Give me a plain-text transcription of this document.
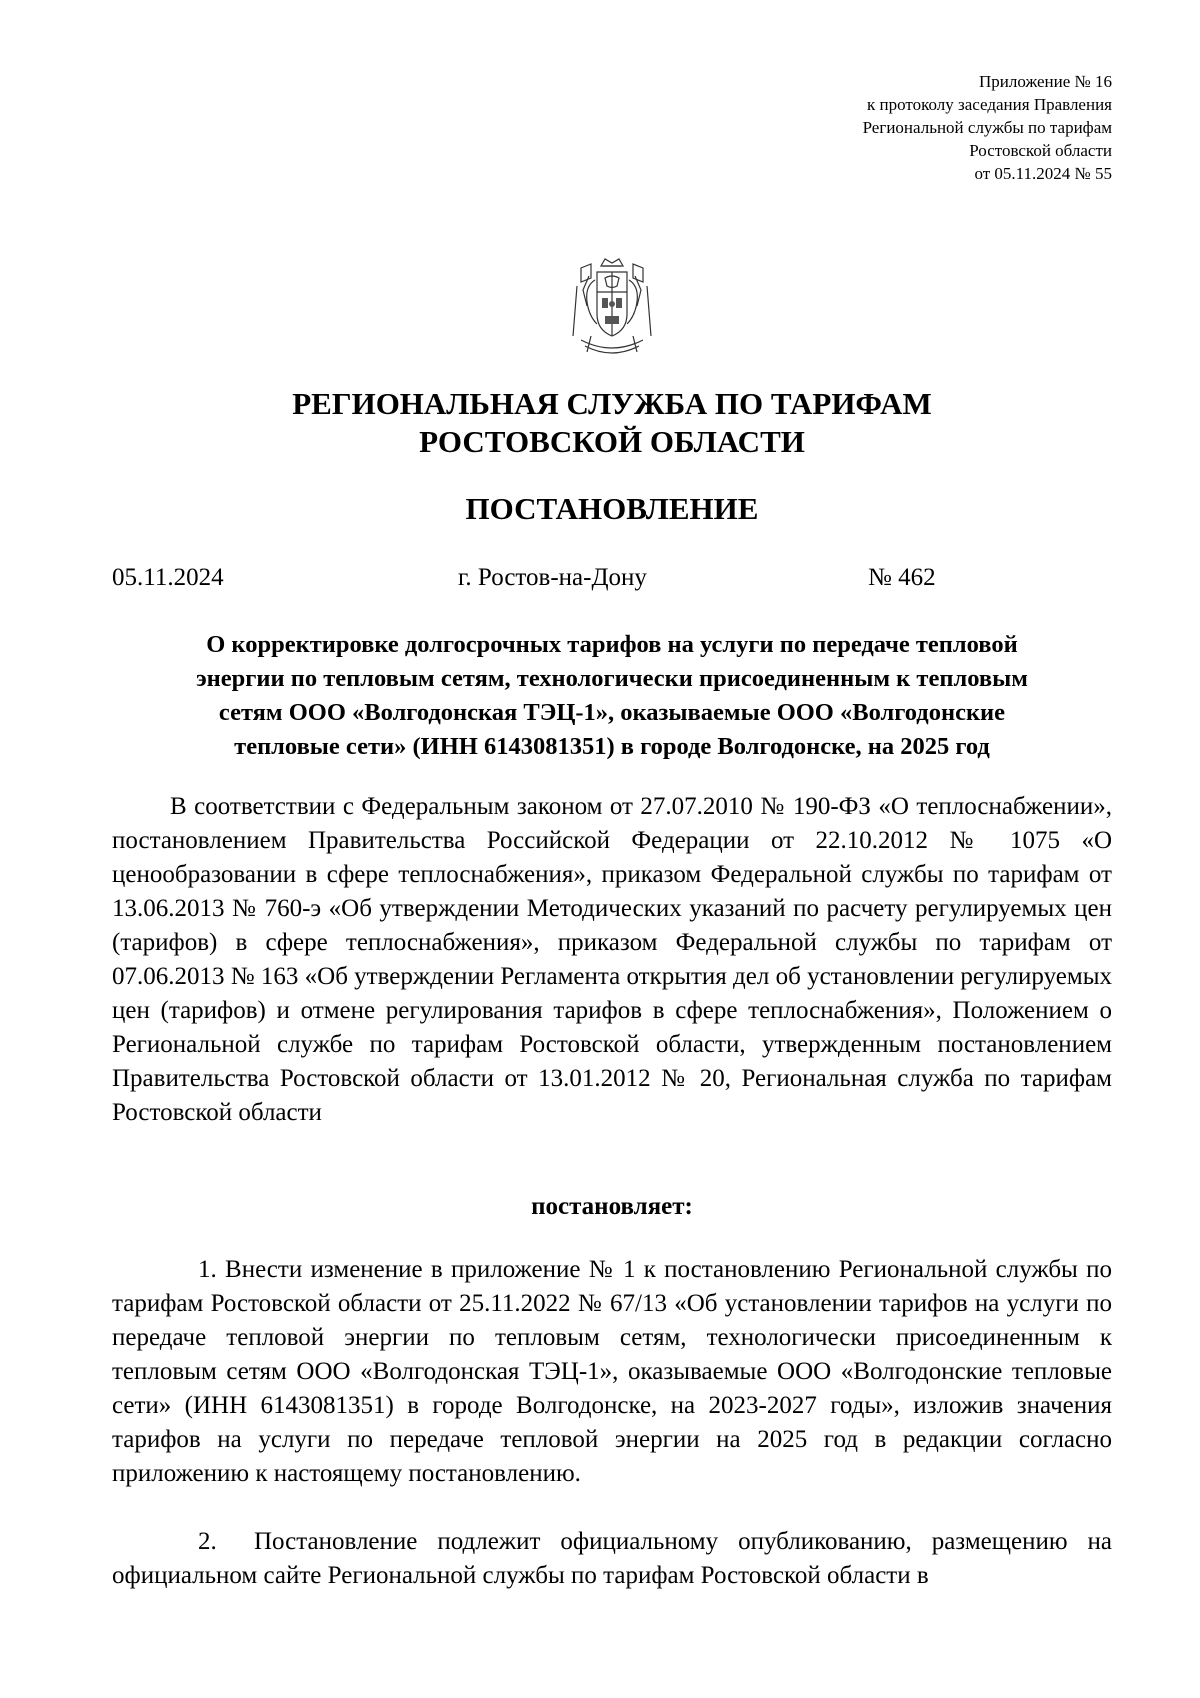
Приложение № 16
к протоколу заседания Правления
Региональной службы по тарифам
Ростовской области
от 05.11.2024 № 55
РЕГИОНАЛЬНАЯ СЛУЖБА ПО ТАРИФАМ
РОСТОВСКОЙ ОБЛАСТИ
ПОСТАНОВЛЕНИЕ
05.11.2024	г. Ростов-на-Дону	№ 462

О корректировке долгосрочных тарифов на услуги по передаче тепловой
энергии по тепловым сетям, технологически присоединенным к тепловым
сетям ООО «Волгодонская ТЭЦ-1», оказываемые ООО «Волгодонские
тепловые сети» (ИНН 6143081351) в городе Волгодонске, на 2025 год

В соответствии с Федеральным законом от 27.07.2010 № 190-ФЗ «О теплоснабжении», постановлением Правительства Российской Федерации от 22.10.2012 № 1075 «О ценообразовании в сфере теплоснабжения», приказом Федеральной службы по тарифам от 13.06.2013 № 760-э «Об утверждении Методических указаний по расчету регулируемых цен (тарифов) в сфере теплоснабжения», приказом Федеральной службы по тарифам от 07.06.2013 № 163 «Об утверждении Регламента открытия дел об установлении регулируемых цен (тарифов) и отмене регулирования тарифов в сфере теплоснабжения», Положением о Региональной службе по тарифам Ростовской области, утвержденным постановлением Правительства Ростовской области от 13.01.2012 № 20, Региональная служба по тарифам Ростовской области

постановляет:

1. Внести изменение в приложение № 1 к постановлению Региональной службы по тарифам Ростовской области от 25.11.2022 № 67/13 «Об установлении тарифов на услуги по передаче тепловой энергии по тепловым сетям, технологически присоединенным к тепловым сетям ООО «Волгодонская ТЭЦ-1», оказываемые ООО «Волгодонские тепловые сети» (ИНН 6143081351) в городе Волгодонске, на 2023-2027 годы», изложив значения тарифов на услуги по передаче тепловой энергии на 2025 год в редакции согласно приложению к настоящему постановлению.

2. Постановление подлежит официальному опубликованию, размещению на официальном сайте Региональной службы по тарифам Ростовской области в
